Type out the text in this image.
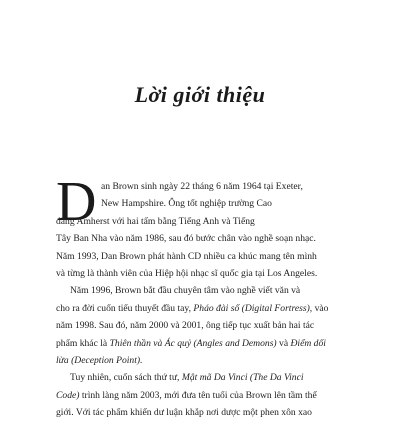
Lời giới thiệu
D an Brown sinh ngày 22 tháng 6 năm 1964 tại Exeter,
New Hampshire. Ông tốt nghiệp trường Cao
đẳng Amherst với hai tấm bằng Tiếng Anh và Tiếng
Tây Ban Nha vào năm 1986, sau đó bước chân vào nghề soạn nhạc.
Năm 1993, Dan Brown phát hành CD nhiều ca khúc mang tên mình
và từng là thành viên của Hiệp hội nhạc sĩ quốc gia tại Los Angeles.
Năm 1996, Brown bắt đầu chuyên tâm vào nghề viết văn và
cho ra đời cuốn tiểu thuyết đầu tay, Pháo đài số (Digital Fortress), vào
năm 1998. Sau đó, năm 2000 và 2001, ông tiếp tục xuất bản hai tác
phẩm khác là Thiên thần và Ác quỷ (Angles and Demons) và Điểm dối
lừa (Deception Point).
Tuy nhiên, cuốn sách thứ tư, Mật mã Da Vinci (The Da Vinci
Code) trình làng năm 2003, mới đưa tên tuổi của Brown lên tầm thế
giới. Với tác phẩm khiến dư luận khắp nơi dược một phen xôn xao
